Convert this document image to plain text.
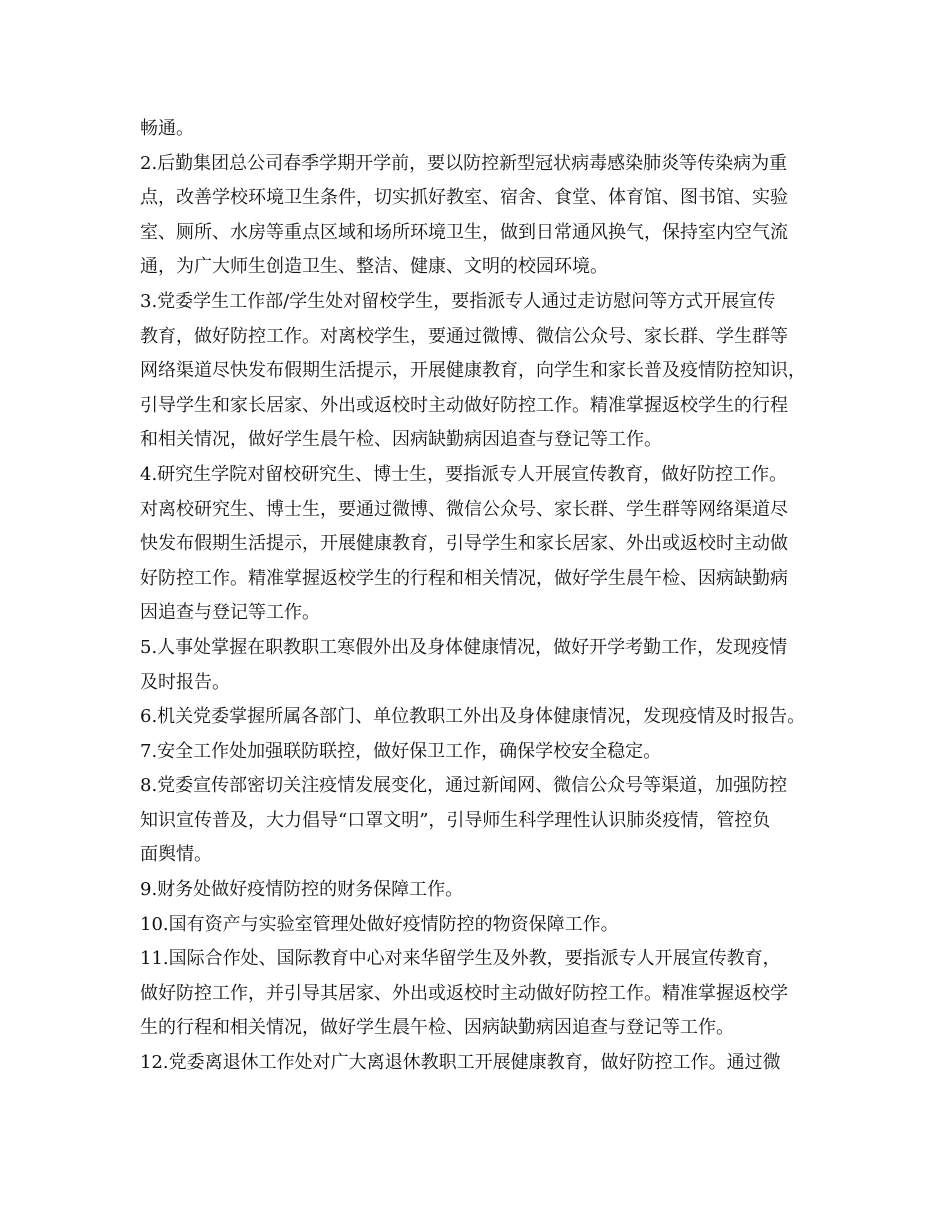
畅通。

2.后勤集团总公司春季学期开学前，要以防控新型冠状病毒感染肺炎等传染病为重
点，改善学校环境卫生条件，切实抓好教室、宿舍、食堂、体育馆、图书馆、实验
室、厕所、水房等重点区域和场所环境卫生，做到日常通风换气，保持室内空气流
通，为广大师生创造卫生、整洁、健康、文明的校园环境。

3.党委学生工作部/学生处对留校学生，要指派专人通过走访慰问等方式开展宣传
教育，做好防控工作。对离校学生，要通过微博、微信公众号、家长群、学生群等
网络渠道尽快发布假期生活提示，开展健康教育，向学生和家长普及疫情防控知识，
引导学生和家长居家、外出或返校时主动做好防控工作。精准掌握返校学生的行程
和相关情况，做好学生晨午检、因病缺勤病因追查与登记等工作。

4.研究生学院对留校研究生、博士生，要指派专人开展宣传教育，做好防控工作。
对离校研究生、博士生，要通过微博、微信公众号、家长群、学生群等网络渠道尽
快发布假期生活提示，开展健康教育，引导学生和家长居家、外出或返校时主动做
好防控工作。精准掌握返校学生的行程和相关情况，做好学生晨午检、因病缺勤病
因追查与登记等工作。

5.人事处掌握在职教职工寒假外出及身体健康情况，做好开学考勤工作，发现疫情
及时报告。

6.机关党委掌握所属各部门、单位教职工外出及身体健康情况，发现疫情及时报告。

7.安全工作处加强联防联控，做好保卫工作，确保学校安全稳定。

8.党委宣传部密切关注疫情发展变化，通过新闻网、微信公众号等渠道，加强防控
知识宣传普及，大力倡导“口罩文明”，引导师生科学理性认识肺炎疫情，管控负
面舆情。

9.财务处做好疫情防控的财务保障工作。

10.国有资产与实验室管理处做好疫情防控的物资保障工作。

11.国际合作处、国际教育中心对来华留学生及外教，要指派专人开展宣传教育，
做好防控工作，并引导其居家、外出或返校时主动做好防控工作。精准掌握返校学
生的行程和相关情况，做好学生晨午检、因病缺勤病因追查与登记等工作。

12.党委离退休工作处对广大离退休教职工开展健康教育，做好防控工作。通过微
